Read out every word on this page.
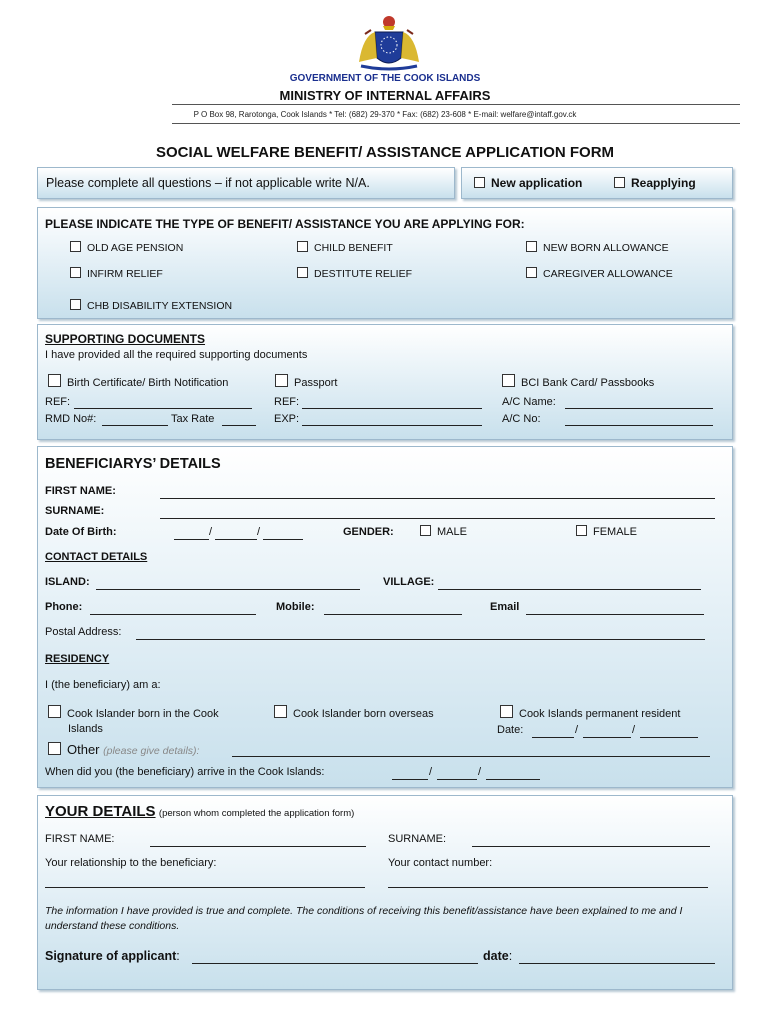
GOVERNMENT OF THE COOK ISLANDS
MINISTRY OF INTERNAL AFFAIRS
P O Box 98, Rarotonga, Cook Islands * Tel: (682) 29-370 * Fax: (682) 23-608 * E-mail: welfare@intaff.gov.ck
SOCIAL WELFARE BENEFIT/ ASSISTANCE APPLICATION FORM
Please complete all questions – if not applicable write N/A.	New application	Reapplying
PLEASE INDICATE THE TYPE OF BENEFIT/ ASSISTANCE YOU ARE APPLYING FOR:
OLD AGE PENSION	CHILD BENEFIT	NEW BORN ALLOWANCE
INFIRM RELIEF	DESTITUTE RELIEF	CAREGIVER ALLOWANCE
CHB DISABILITY EXTENSION
SUPPORTING DOCUMENTS
I have provided all the required supporting documents
Birth Certificate/ Birth Notification	Passport	BCI Bank Card/ Passbooks
REF:
RMD No#:	Tax Rate
REF:
EXP:
A/C Name:
A/C No:
BENEFICIARYS’ DETAILS
FIRST NAME:
SURNAME:
Date Of Birth:	/	/	GENDER:	MALE	FEMALE
CONTACT DETAILS
ISLAND:	VILLAGE:
Phone:	Mobile:	Email
Postal Address:
RESIDENCY
I (the beneficiary) am a:
Cook Islander born in the Cook
Islands
Cook Islander born overseas	Cook Islands permanent resident
Date:	/	/
Other (please give details):
When did you (the beneficiary) arrive in the Cook Islands:	/	/
YOUR DETAILS (person whom completed the application form)
FIRST NAME:	SURNAME:
Your relationship to the beneficiary:	Your contact number:
The information I have provided is true and complete. The conditions of receiving this benefit/assistance have been explained to me and I understand these conditions.
Signature of applicant:	date:
